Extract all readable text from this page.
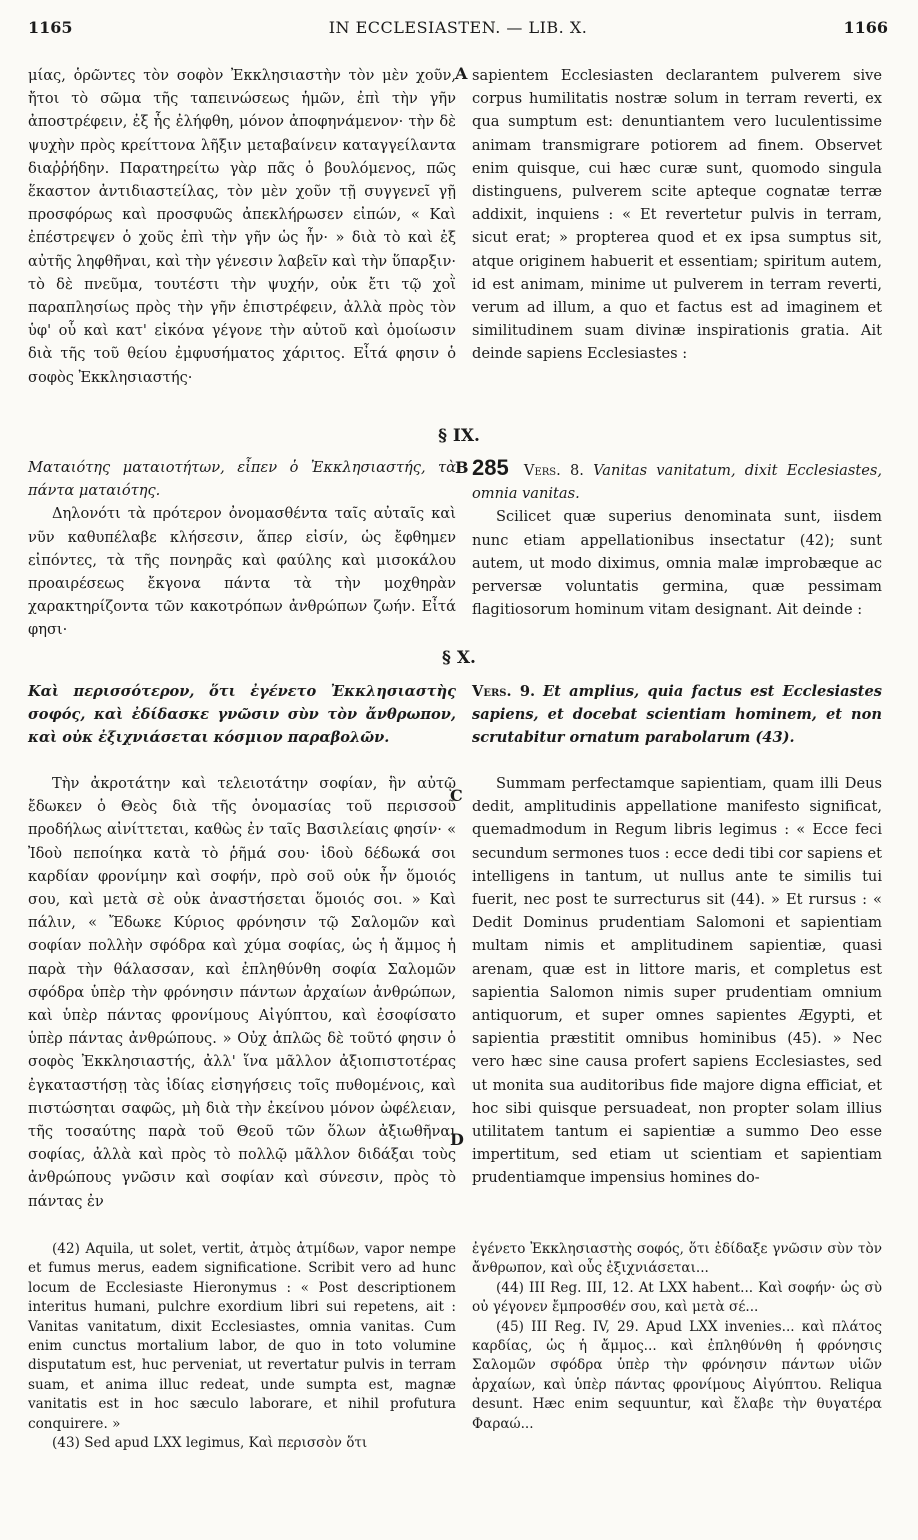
1165	IN ECCLESIASTEN. — LIB. X.	1166

μίας, ὁρῶντες τὸν σοφὸν Ἐκκλησιαστὴν τὸν μὲν χοῦν, ἤτοι τὸ σῶμα τῆς ταπεινώσεως ἡμῶν, ἐπὶ τὴν γῆν ἀποστρέφειν, ἐξ ἧς ἐλήφθη, μόνον ἀποφηνάμενον· τὴν δὲ ψυχὴν πρὸς κρείττονα λῆξιν μεταβαίνειν καταγγείλαντα διαῤῥήδην. Παρατηρείτω γὰρ πᾶς ὁ βουλόμενος, πῶς ἕκαστον ἀντιδιαστείλας, τὸν μὲν χοῦν τῇ συγγενεῖ γῇ προσφόρως καὶ προσφυῶς ἀπεκλήρωσεν εἰπών, « Καὶ ἐπέστρεψεν ὁ χοῦς ἐπὶ τὴν γῆν ὡς ἦν· » διὰ τὸ καὶ ἐξ αὐτῆς ληφθῆναι, καὶ τὴν γένεσιν λαβεῖν καὶ τὴν ὕπαρξιν· τὸ δὲ πνεῦμα, τουτέστι τὴν ψυχήν, οὐκ ἔτι τῷ χοῒ παραπλησίως πρὸς τὴν γῆν ἐπιστρέφειν, ἀλλὰ πρὸς τὸν ὑφ' οὗ καὶ κατ' εἰκόνα γέγονε τὴν αὐτοῦ καὶ ὁμοίωσιν διὰ τῆς τοῦ θείου ἐμφυσήματος χάριτος. Εἶτά φησιν ὁ σοφὸς Ἐκκλησιαστής·

A sapientem Ecclesiasten declarantem pulverem sive corpus humilitatis nostræ solum in terram reverti, ex qua sumptum est: denuntiantem vero luculentissime animam transmigrare potiorem ad finem. Observet enim quisque, cui hæc curæ sunt, quomodo singula distinguens, pulverem scite apteque cognatæ terræ addixit, inquiens : « Et revertetur pulvis in terram, sicut erat; » propterea quod et ex ipsa sumptus sit, atque originem habuerit et essentiam; spiritum autem, id est animam, minime ut pulverem in terram reverti, verum ad illum, a quo et factus est ad imaginem et similitudinem suam divinæ inspirationis gratia. Ait deinde sapiens Ecclesiastes :

§ IX.

Ματαιότης ματαιοτήτων, εἶπεν ὁ Ἐκκλησιαστής, τὰ πάντα ματαιότης.

Δηλονότι τὰ πρότερον ὀνομασθέντα ταῖς αὐταῖς καὶ νῦν καθυπέλαβε κλήσεσιν, ἅπερ εἰσίν, ὡς ἔφθημεν εἰπόντες, τὰ τῆς πονηρᾶς καὶ φαύλης καὶ μισοκάλου προαιρέσεως ἔκγονα πάντα τὰ τὴν μοχθηρὰν χαρακτηρίζοντα τῶν κακοτρόπων ἀνθρώπων ζωήν. Εἶτά φησι·

B 285 Vers. 8. Vanitas vanitatum, dixit Ecclesiastes, omnia vanitas.

Scilicet quæ superius denominata sunt, iisdem nunc etiam appellationibus insectatur (42); sunt autem, ut modo diximus, omnia malæ improbæque ac perversæ voluntatis germina, quæ pessimam flagitiosorum hominum vitam designant. Ait deinde :

§ X.

Καὶ περισσότερον, ὅτι ἐγένετο Ἐκκλησιαστὴς σοφός, καὶ ἐδίδασκε γνῶσιν σὺν τὸν ἄνθρωπον, καὶ οὐκ ἐξιχνιάσεται κόσμιον παραβολῶν.

Vers. 9. Et amplius, quia factus est Ecclesiastes sapiens, et docebat scientiam hominem, et non scrutabitur ornatum parabolarum (43).

Τὴν ἀκροτάτην καὶ τελειοτάτην σοφίαν, ἣν αὐτῷ ἔδωκεν ὁ Θεὸς διὰ τῆς ὀνομασίας τοῦ περισσοῦ προδήλως αἰνίττεται, καθὼς ἐν ταῖς Βασιλείαις φησίν· « Ἰδοὺ πεποίηκα κατὰ τὸ ῥῆμά σου· ἰδοὺ δέδωκά σοι καρδίαν φρονίμην καὶ σοφήν, πρὸ σοῦ οὐκ ἦν ὅμοιός σου, καὶ μετὰ σὲ οὐκ ἀναστήσεται ὅμοιός σοι. » Καὶ πάλιν, « Ἔδωκε Κύριος φρόνησιν τῷ Σαλομῶν καὶ σοφίαν πολλὴν σφόδρα καὶ χύμα σοφίας, ὡς ἡ ἄμμος ἡ παρὰ τὴν θάλασσαν, καὶ ἐπληθύνθη σοφία Σαλομῶν σφόδρα ὑπὲρ τὴν φρόνησιν πάντων ἀρχαίων ἀνθρώπων, καὶ ὑπὲρ πάντας φρονίμους Αἰγύπτου, καὶ ἐσοφίσατο ὑπὲρ πάντας ἀνθρώπους. » Οὐχ ἁπλῶς δὲ τοῦτό φησιν ὁ σοφὸς Ἐκκλησιαστής, ἀλλ' ἵνα μᾶλλον ἀξιοπιστοτέρας ἐγκαταστήσῃ τὰς ἰδίας εἰσηγήσεις τοῖς πυθομένοις, καὶ πιστώσηται σαφῶς, μὴ διὰ τὴν ἐκείνου μόνον ὠφέλειαν, τῆς τοσαύτης παρὰ τοῦ Θεοῦ τῶν ὅλων ἀξιωθῆναι σοφίας, ἀλλὰ καὶ πρὸς τὸ πολλῷ μᾶλλον διδάξαι τοὺς ἀνθρώπους γνῶσιν καὶ σοφίαν καὶ σύνεσιν, πρὸς τὸ πάντας ἐν

C
D

Summam perfectamque sapientiam, quam illi Deus dedit, amplitudinis appellatione manifesto significat, quemadmodum in Regum libris legimus : « Ecce feci secundum sermones tuos : ecce dedi tibi cor sapiens et intelligens in tantum, ut nullus ante te similis tui fuerit, nec post te surrecturus sit (44). » Et rursus : « Dedit Dominus prudentiam Salomoni et sapientiam multam nimis et amplitudinem sapientiæ, quasi arenam, quæ est in littore maris, et completus est sapientia Salomon nimis super prudentiam omnium antiquorum, et super omnes sapientes Ægypti, et sapientia præstitit omnibus hominibus (45). » Nec vero hæc sine causa profert sapiens Ecclesiastes, sed ut monita sua auditoribus fide majore digna efficiat, et hoc sibi quisque persuadeat, non propter solam illius utilitatem tantum ei sapientiæ a summo Deo esse impertitum, sed etiam ut scientiam et sapientiam prudentiamque impensius homines do-

(42) Aquila, ut solet, vertit, ἀτμὸς ἀτμίδων, vapor nempe et fumus merus, eadem significatione. Scribit vero ad hunc locum de Ecclesiaste Hieronymus : « Post descriptionem interitus humani, pulchre exordium libri sui repetens, ait : Vanitas vanitatum, dixit Ecclesiastes, omnia vanitas. Cum enim cunctus mortalium labor, de quo in toto volumine disputatum est, huc perveniat, ut revertatur pulvis in terram suam, et anima illuc redeat, unde sumpta est, magnæ vanitatis est in hoc sæculo laborare, et nihil profutura conquirere. »

(43) Sed apud LXX legimus, Καὶ περισσὸν ὅτι

ἐγένετο Ἐκκλησιαστὴς σοφός, ὅτι ἐδίδαξε γνῶσιν σὺν τὸν ἄνθρωπον, καὶ οὖς ἐξιχνιάσεται...

(44) III Reg. III, 12. At LXX habent... Καὶ σοφήν· ὡς σὺ οὐ γέγονεν ἔμπροσθέν σου, καὶ μετὰ σέ...

(45) III Reg. IV, 29. Apud LXX invenies... καὶ πλάτος καρδίας, ὡς ἡ ἄμμος... καὶ ἐπληθύνθη ἡ φρόνησις Σαλομῶν σφόδρα ὑπὲρ τὴν φρόνησιν πάντων υἱῶν ἀρχαίων, καὶ ὑπὲρ πάντας φρονίμους Αἰγύπτου. Reliqua desunt. Hæc enim sequuntur, καὶ ἔλαβε τὴν θυγατέρα Φαραώ...
